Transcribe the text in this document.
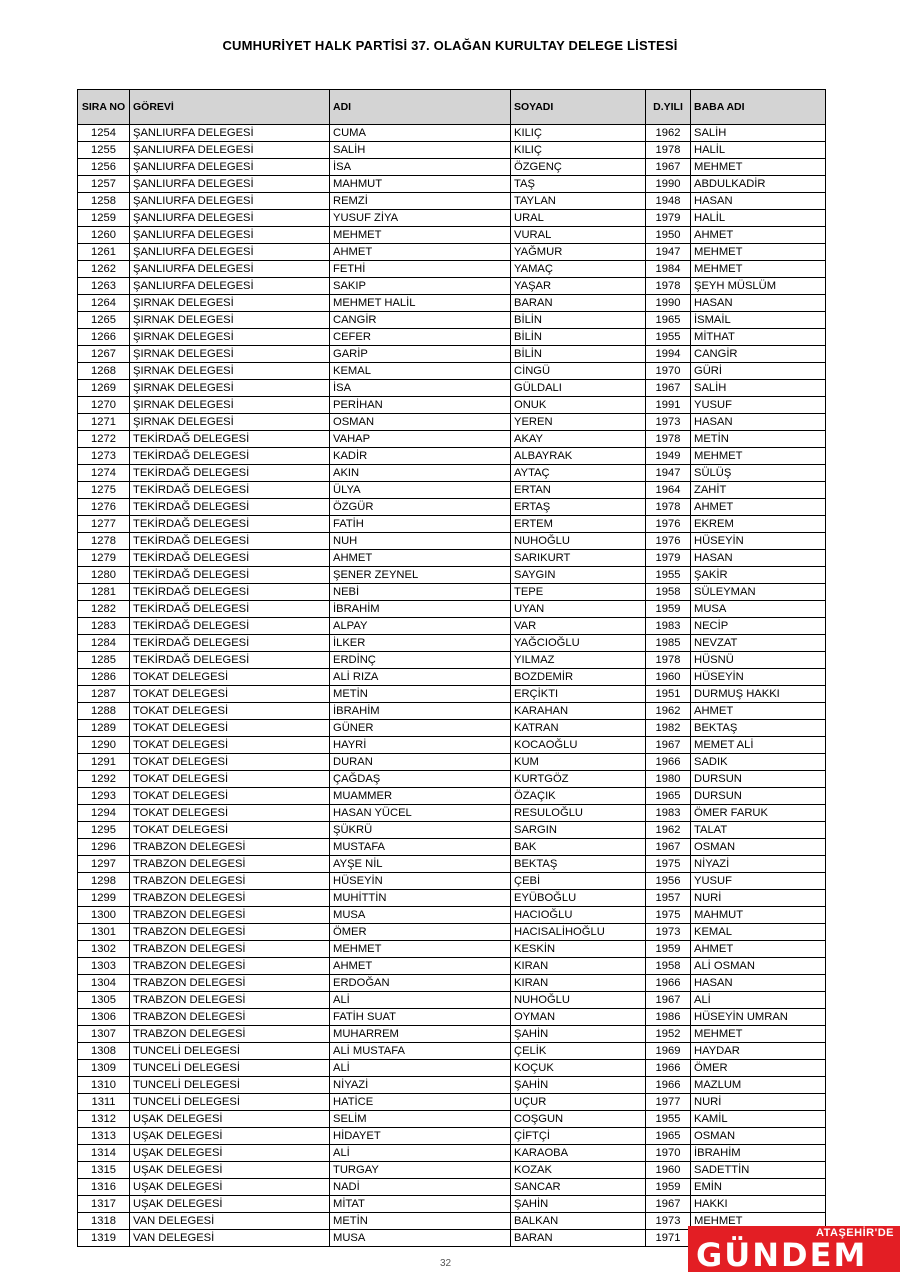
CUMHURİYET HALK PARTİSİ 37. OLAĞAN KURULTAY DELEGE LİSTESİ
SIRA NO	GÖREVİ	ADI	SOYADI	D.YILI	BABA ADI
1254	ŞANLIURFA DELEGESİ	CUMA	KILIÇ	1962	SALİH
1255	ŞANLIURFA DELEGESİ	SALİH	KILIÇ	1978	HALİL
1256	ŞANLIURFA DELEGESİ	İSA	ÖZGENÇ	1967	MEHMET
1257	ŞANLIURFA DELEGESİ	MAHMUT	TAŞ	1990	ABDULKADİR
1258	ŞANLIURFA DELEGESİ	REMZİ	TAYLAN	1948	HASAN
1259	ŞANLIURFA DELEGESİ	YUSUF ZİYA	URAL	1979	HALİL
1260	ŞANLIURFA DELEGESİ	MEHMET	VURAL	1950	AHMET
1261	ŞANLIURFA DELEGESİ	AHMET	YAĞMUR	1947	MEHMET
1262	ŞANLIURFA DELEGESİ	FETHİ	YAMAÇ	1984	MEHMET
1263	ŞANLIURFA DELEGESİ	SAKIP	YAŞAR	1978	ŞEYH MÜSLÜM
1264	ŞIRNAK DELEGESİ	MEHMET HALİL	BARAN	1990	HASAN
1265	ŞIRNAK DELEGESİ	CANGİR	BİLİN	1965	İSMAİL
1266	ŞIRNAK DELEGESİ	CEFER	BİLİN	1955	MİTHAT
1267	ŞIRNAK DELEGESİ	GARİP	BİLİN	1994	CANGİR
1268	ŞIRNAK DELEGESİ	KEMAL	CİNGÜ	1970	GÜRİ
1269	ŞIRNAK DELEGESİ	İSA	GÜLDALI	1967	SALİH
1270	ŞIRNAK DELEGESİ	PERİHAN	ONUK	1991	YUSUF
1271	ŞIRNAK DELEGESİ	OSMAN	YEREN	1973	HASAN
1272	TEKİRDAĞ DELEGESİ	VAHAP	AKAY	1978	METİN
1273	TEKİRDAĞ DELEGESİ	KADİR	ALBAYRAK	1949	MEHMET
1274	TEKİRDAĞ DELEGESİ	AKIN	AYTAÇ	1947	SÜLÜŞ
1275	TEKİRDAĞ DELEGESİ	ÜLYA	ERTAN	1964	ZAHİT
1276	TEKİRDAĞ DELEGESİ	ÖZGÜR	ERTAŞ	1978	AHMET
1277	TEKİRDAĞ DELEGESİ	FATİH	ERTEM	1976	EKREM
1278	TEKİRDAĞ DELEGESİ	NUH	NUHOĞLU	1976	HÜSEYİN
1279	TEKİRDAĞ DELEGESİ	AHMET	SARIKURT	1979	HASAN
1280	TEKİRDAĞ DELEGESİ	ŞENER ZEYNEL	SAYGIN	1955	ŞAKİR
1281	TEKİRDAĞ DELEGESİ	NEBİ	TEPE	1958	SÜLEYMAN
1282	TEKİRDAĞ DELEGESİ	İBRAHİM	UYAN	1959	MUSA
1283	TEKİRDAĞ DELEGESİ	ALPAY	VAR	1983	NECİP
1284	TEKİRDAĞ DELEGESİ	İLKER	YAĞCIOĞLU	1985	NEVZAT
1285	TEKİRDAĞ DELEGESİ	ERDİNÇ	YILMAZ	1978	HÜSNÜ
1286	TOKAT DELEGESİ	ALİ RIZA	BOZDEMİR	1960	HÜSEYİN
1287	TOKAT DELEGESİ	METİN	ERÇİKTI	1951	DURMUŞ HAKKI
1288	TOKAT DELEGESİ	İBRAHİM	KARAHAN	1962	AHMET
1289	TOKAT DELEGESİ	GÜNER	KATRAN	1982	BEKTAŞ
1290	TOKAT DELEGESİ	HAYRİ	KOCAOĞLU	1967	MEMET ALİ
1291	TOKAT DELEGESİ	DURAN	KUM	1966	SADIK
1292	TOKAT DELEGESİ	ÇAĞDAŞ	KURTGÖZ	1980	DURSUN
1293	TOKAT DELEGESİ	MUAMMER	ÖZAÇIK	1965	DURSUN
1294	TOKAT DELEGESİ	HASAN YÜCEL	RESULOĞLU	1983	ÖMER FARUK
1295	TOKAT DELEGESİ	ŞÜKRÜ	SARGIN	1962	TALAT
1296	TRABZON DELEGESİ	MUSTAFA	BAK	1967	OSMAN
1297	TRABZON DELEGESİ	AYŞE NİL	BEKTAŞ	1975	NİYAZİ
1298	TRABZON DELEGESİ	HÜSEYİN	ÇEBİ	1956	YUSUF
1299	TRABZON DELEGESİ	MUHİTTİN	EYÜBOĞLU	1957	NURİ
1300	TRABZON DELEGESİ	MUSA	HACIOĞLU	1975	MAHMUT
1301	TRABZON DELEGESİ	ÖMER	HACISALİHOĞLU	1973	KEMAL
1302	TRABZON DELEGESİ	MEHMET	KESKİN	1959	AHMET
1303	TRABZON DELEGESİ	AHMET	KIRAN	1958	ALİ OSMAN
1304	TRABZON DELEGESİ	ERDOĞAN	KIRAN	1966	HASAN
1305	TRABZON DELEGESİ	ALİ	NUHOĞLU	1967	ALİ
1306	TRABZON DELEGESİ	FATİH SUAT	OYMAN	1986	HÜSEYİN UMRAN
1307	TRABZON DELEGESİ	MUHARREM	ŞAHİN	1952	MEHMET
1308	TUNCELİ DELEGESİ	ALİ MUSTAFA	ÇELİK	1969	HAYDAR
1309	TUNCELİ DELEGESİ	ALİ	KOÇUK	1966	ÖMER
1310	TUNCELİ DELEGESİ	NİYAZİ	ŞAHİN	1966	MAZLUM
1311	TUNCELİ DELEGESİ	HATİCE	UÇUR	1977	NURİ
1312	UŞAK DELEGESİ	SELİM	COŞGUN	1955	KAMİL
1313	UŞAK DELEGESİ	HİDAYET	ÇİFTÇİ	1965	OSMAN
1314	UŞAK DELEGESİ	ALİ	KARAOBA	1970	İBRAHİM
1315	UŞAK DELEGESİ	TURGAY	KOZAK	1960	SADETTİN
1316	UŞAK DELEGESİ	NADİ	SANCAR	1959	EMİN
1317	UŞAK DELEGESİ	MİTAT	ŞAHİN	1967	HAKKI
1318	VAN DELEGESİ	METİN	BALKAN	1973	MEHMET
1319	VAN DELEGESİ	MUSA	BARAN	1971		ATAŞEHİR'DE
GÜNDEM
32
